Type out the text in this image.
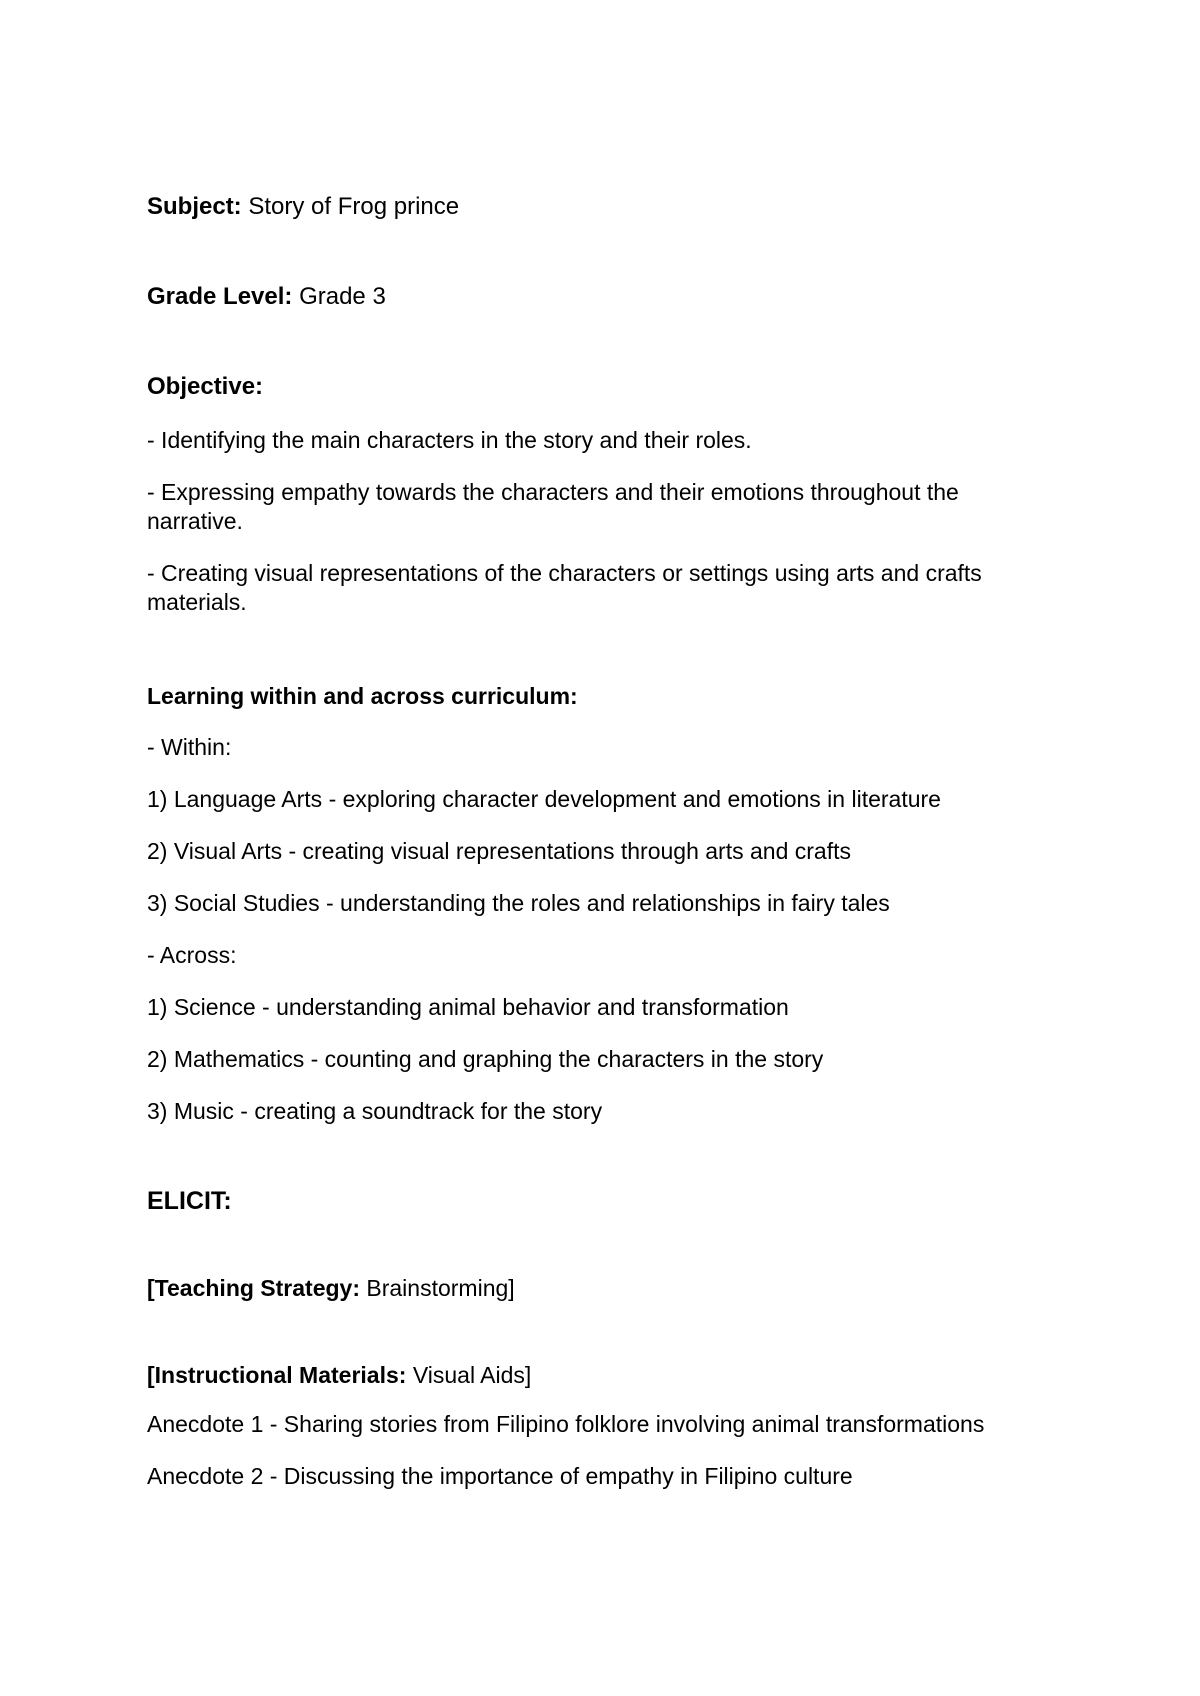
Subject: Story of Frog prince

Grade Level: Grade 3

Objective:

- Identifying the main characters in the story and their roles.

- Expressing empathy towards the characters and their emotions throughout the narrative.

- Creating visual representations of the characters or settings using arts and crafts materials.

Learning within and across curriculum:

- Within:

1) Language Arts - exploring character development and emotions in literature

2) Visual Arts - creating visual representations through arts and crafts

3) Social Studies - understanding the roles and relationships in fairy tales

- Across:

1) Science - understanding animal behavior and transformation

2) Mathematics - counting and graphing the characters in the story

3) Music - creating a soundtrack for the story

ELICIT:

[Teaching Strategy: Brainstorming]

[Instructional Materials: Visual Aids]

Anecdote 1 - Sharing stories from Filipino folklore involving animal transformations

Anecdote 2 - Discussing the importance of empathy in Filipino culture
